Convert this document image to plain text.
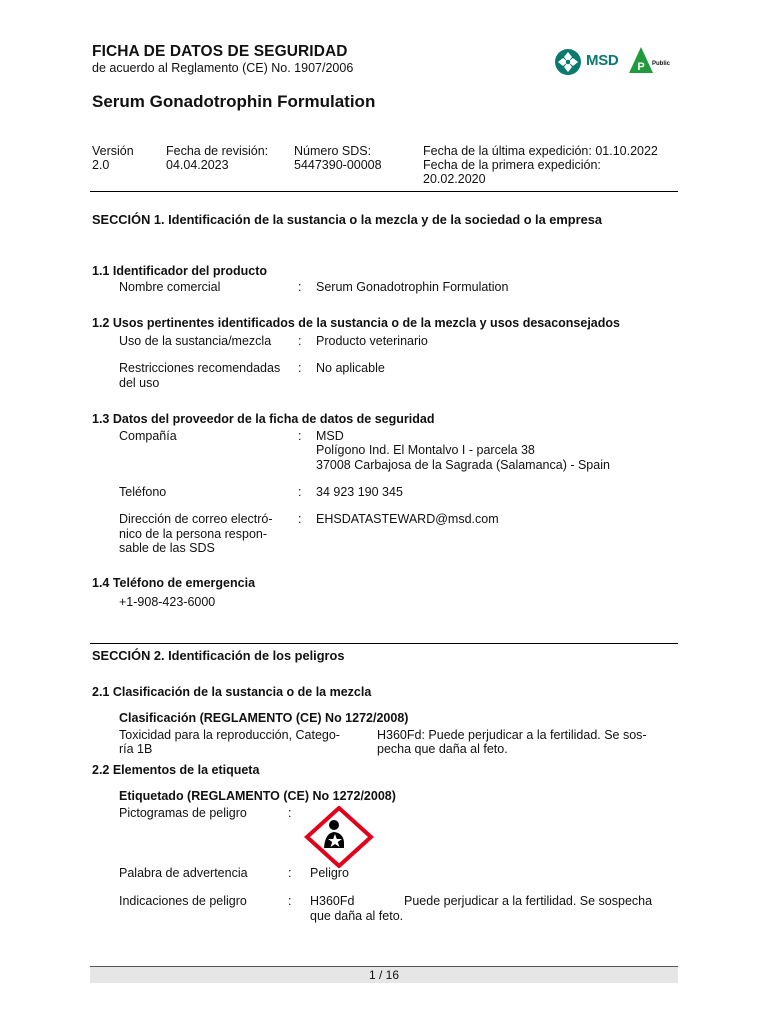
FICHA DE DATOS DE SEGURIDAD
de acuerdo al Reglamento (CE) No. 1907/2006
Serum Gonadotrophin Formulation
MSD P Public
Versión
2.0
Fecha de revisión:
04.04.2023
Número SDS:
5447390-00008
Fecha de la última expedición: 01.10.2022
Fecha de la primera expedición:
20.02.2020
SECCIÓN 1. Identificación de la sustancia o la mezcla y de la sociedad o la empresa
1.1 Identificador del producto
Nombre comercial	: Serum Gonadotrophin Formulation
1.2 Usos pertinentes identificados de la sustancia o de la mezcla y usos desaconsejados
Uso de la sustancia/mezcla : Producto veterinario
Restricciones recomendadas
del uso
: No aplicable
1.3 Datos del proveedor de la ficha de datos de seguridad
Compañía	: MSD
Polígono Ind. El Montalvo I - parcela 38
37008 Carbajosa de la Sagrada (Salamanca) - Spain
Teléfono	: 34 923 190 345
Dirección de correo electró-
nico de la persona respon-
sable de las SDS
: EHSDATASTEWARD@msd.com
1.4 Teléfono de emergencia
+1-908-423-6000
SECCIÓN 2. Identificación de los peligros
2.1 Clasificación de la sustancia o de la mezcla
Clasificación (REGLAMENTO (CE) No 1272/2008)
Toxicidad para la reproducción, Catego-
ría 1B
H360Fd: Puede perjudicar a la fertilidad. Se sos-
pecha que daña al feto.
2.2 Elementos de la etiqueta
Etiquetado (REGLAMENTO (CE) No 1272/2008)
Pictogramas de peligro	:
Palabra de advertencia	: Peligro
Indicaciones de peligro	: H360Fd	Puede perjudicar a la fertilidad. Se sospecha
que daña al feto.
1 / 16
